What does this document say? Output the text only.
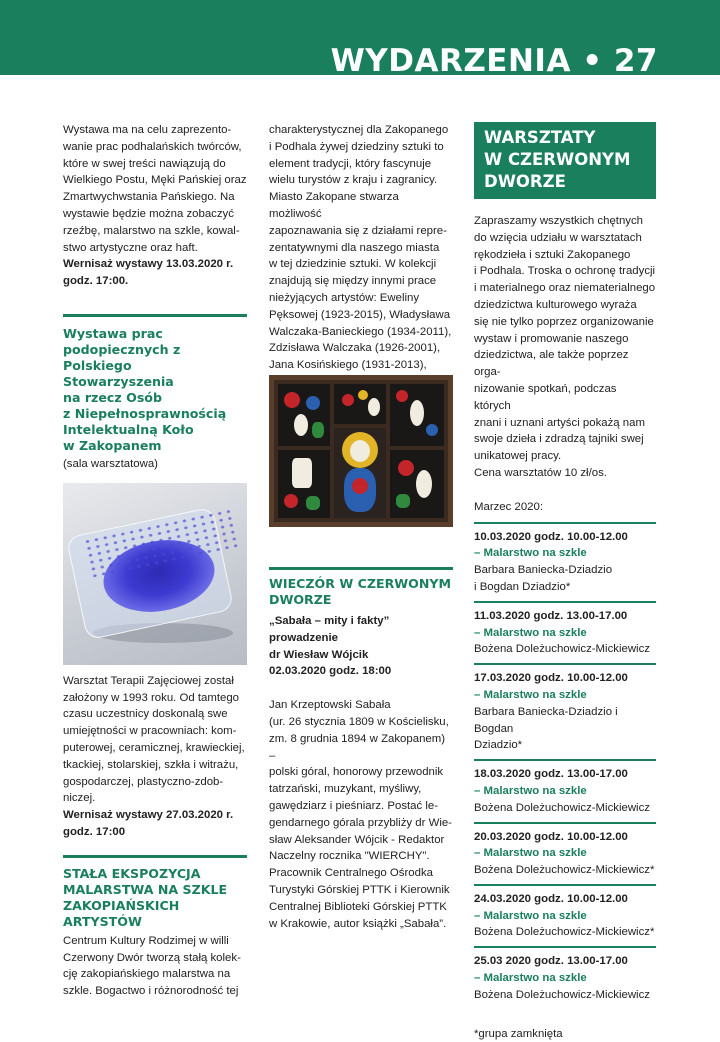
WYDARZENIA • 27
Wystawa ma na celu zaprezento-
wanie prac podhalańskich twórców,
które w swej treści nawiązują do
Wielkiego Postu, Męki Pańskiej oraz
Zmartwychwstania Pańskiego. Na
wystawie będzie można zobaczyć
rzeźbę, malarstwo na szkle, kowal-
stwo artystyczne oraz haft.
Wernisaż wystawy 13.03.2020 r.
godz. 17:00.
Wystawa prac
podopiecznych z Polskiego
Stowarzyszenia
na rzecz Osób
z Niepełnosprawnością
Intelektualną Koło
w Zakopanem
(sala warsztatowa)
Warsztat Terapii Zajęciowej został
założony w 1993 roku. Od tamtego
czasu uczestnicy doskonalą swe
umiejętności w pracowniach: kom-
puterowej, ceramicznej, krawieckiej,
tkackiej, stolarskiej, szkła i witrażu,
gospodarczej, plastyczno-zdob-
niczej.
Wernisaż wystawy 27.03.2020 r.
godz. 17:00
STAŁA EKSPOZYCJA
MALARSTWA NA SZKLE
ZAKOPIAŃSKICH
ARTYSTÓW
Centrum Kultury Rodzimej w willi
Czerwony Dwór tworzą stałą kolek-
cję zakopiańskiego malarstwa na
szkle. Bogactwo i różnorodność tej
charakterystycznej dla Zakopanego
i Podhala żywej dziedziny sztuki to
element tradycji, który fascynuje
wielu turystów z kraju i zagranicy.
Miasto Zakopane stwarza możliwość
zapoznawania się z działami repre-
zentatywnymi dla naszego miasta
w tej dziedzinie sztuki. W kolekcji
znajdują się między innymi prace
nieżyjących artystów: Eweliny
Pęksowej (1923-2015), Władysława
Walczaka-Banieckiego (1934-2011),
Zdzisława Walczaka (1926-2001),
Jana Kosińskiego (1931-2013),

WIECZÓR W CZERWONYM
DWORZE
„Sabała – mity i fakty” prowadzenie
dr Wiesław Wójcik
02.03.2020 godz. 18:00
Jan Krzeptowski Sabała
(ur. 26 stycznia 1809 w Kościelisku,
zm. 8 grudnia 1894 w Zakopanem) –
polski góral, honorowy przewodnik
tatrzański, muzykant, myśliwy,
gawędziarz i pieśniarz. Postać le-
gendarnego górala przybliży dr Wie-
sław Aleksander Wójcik - Redaktor
Naczelny rocznika "WIERCHY".
Pracownik Centralnego Ośrodka
Turystyki Górskiej PTTK i Kierownik
Centralnej Biblioteki Górskiej PTTK
w Krakowie, autor książki „Sabała”.
WARSZTATY
W CZERWONYM
DWORZE
Zapraszamy wszystkich chętnych
do wzięcia udziału w warsztatach
rękodzieła i sztuki Zakopanego
i Podhala. Troska o ochronę tradycji
i materialnego oraz niematerialnego
dziedzictwa kulturowego wyraża
się nie tylko poprzez organizowanie
wystaw i promowanie naszego
dziedzictwa, ale także poprzez orga-
nizowanie spotkań, podczas których
znani i uznani artyści pokażą nam
swoje dzieła i zdradzą tajniki swej
unikatowej pracy.
Cena warsztatów 10 zł/os.
Marzec 2020:
10.03.2020 godz. 10.00-12.00
– Malarstwo na szkle
Barbara Baniecka-Dziadzio
i Bogdan Dziadzio*
11.03.2020 godz. 13.00-17.00
– Malarstwo na szkle
Bożena Doleżuchowicz-Mickiewicz
17.03.2020 godz. 10.00-12.00
– Malarstwo na szkle
Barbara Baniecka-Dziadzio i Bogdan
Dziadzio*
18.03.2020 godz. 13.00-17.00
– Malarstwo na szkle
Bożena Doleżuchowicz-Mickiewicz
20.03.2020 godz. 10.00-12.00
– Malarstwo na szkle
Bożena Doleżuchowicz-Mickiewicz*
24.03.2020 godz. 10.00-12.00
– Malarstwo na szkle
Bożena Doleżuchowicz-Mickiewicz*
25.03 2020 godz. 13.00-17.00
– Malarstwo na szkle
Bożena Doleżuchowicz-Mickiewicz
*grupa zamknięta
